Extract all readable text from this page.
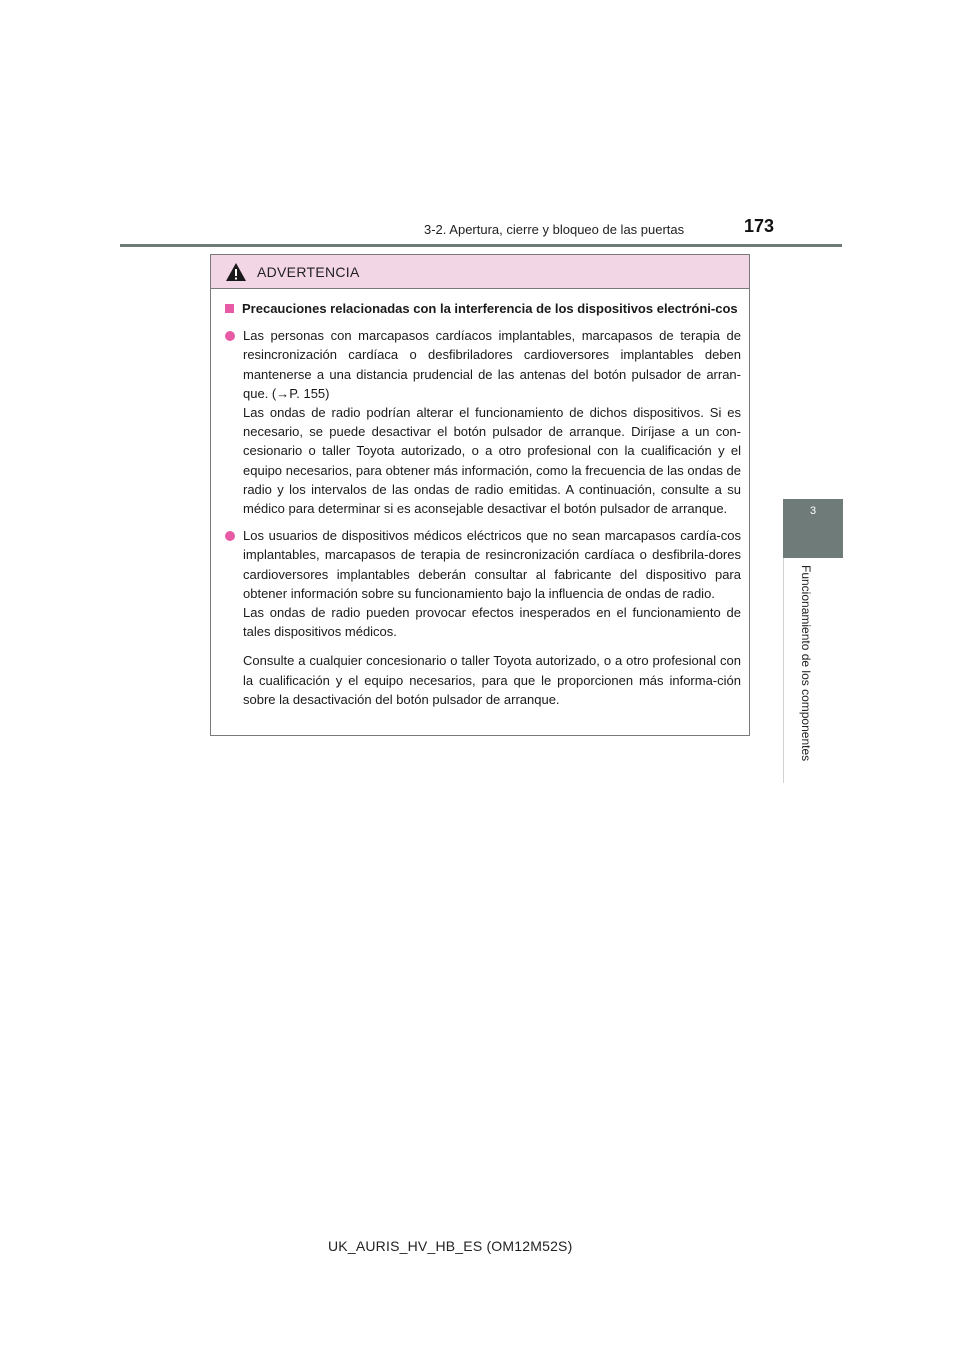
3-2. Apertura, cierre y bloqueo de las puertas	173
3
Funcionamiento de los componentes
ADVERTENCIA
Precauciones relacionadas con la interferencia de los dispositivos electróni-cos

Las personas con marcapasos cardíacos implantables, marcapasos de terapia de resincronización cardíaca o desfibriladores cardioversores implantables deben mantenerse a una distancia prudencial de las antenas del botón pulsador de arran-que. (→P. 155)

Las ondas de radio podrían alterar el funcionamiento de dichos dispositivos. Si es necesario, se puede desactivar el botón pulsador de arranque. Diríjase a un con-cesionario o taller Toyota autorizado, o a otro profesional con la cualificación y el equipo necesarios, para obtener más información, como la frecuencia de las ondas de radio y los intervalos de las ondas de radio emitidas. A continuación, consulte a su médico para determinar si es aconsejable desactivar el botón pulsador de arranque.

Los usuarios de dispositivos médicos eléctricos que no sean marcapasos cardía-cos implantables, marcapasos de terapia de resincronización cardíaca o desfibrila-dores cardioversores implantables deberán consultar al fabricante del dispositivo para obtener información sobre su funcionamiento bajo la influencia de ondas de radio.

Las ondas de radio pueden provocar efectos inesperados en el funcionamiento de tales dispositivos médicos.

Consulte a cualquier concesionario o taller Toyota autorizado, o a otro profesional con la cualificación y el equipo necesarios, para que le proporcionen más informa-ción sobre la desactivación del botón pulsador de arranque.

UK_AURIS_HV_HB_ES (OM12M52S)
